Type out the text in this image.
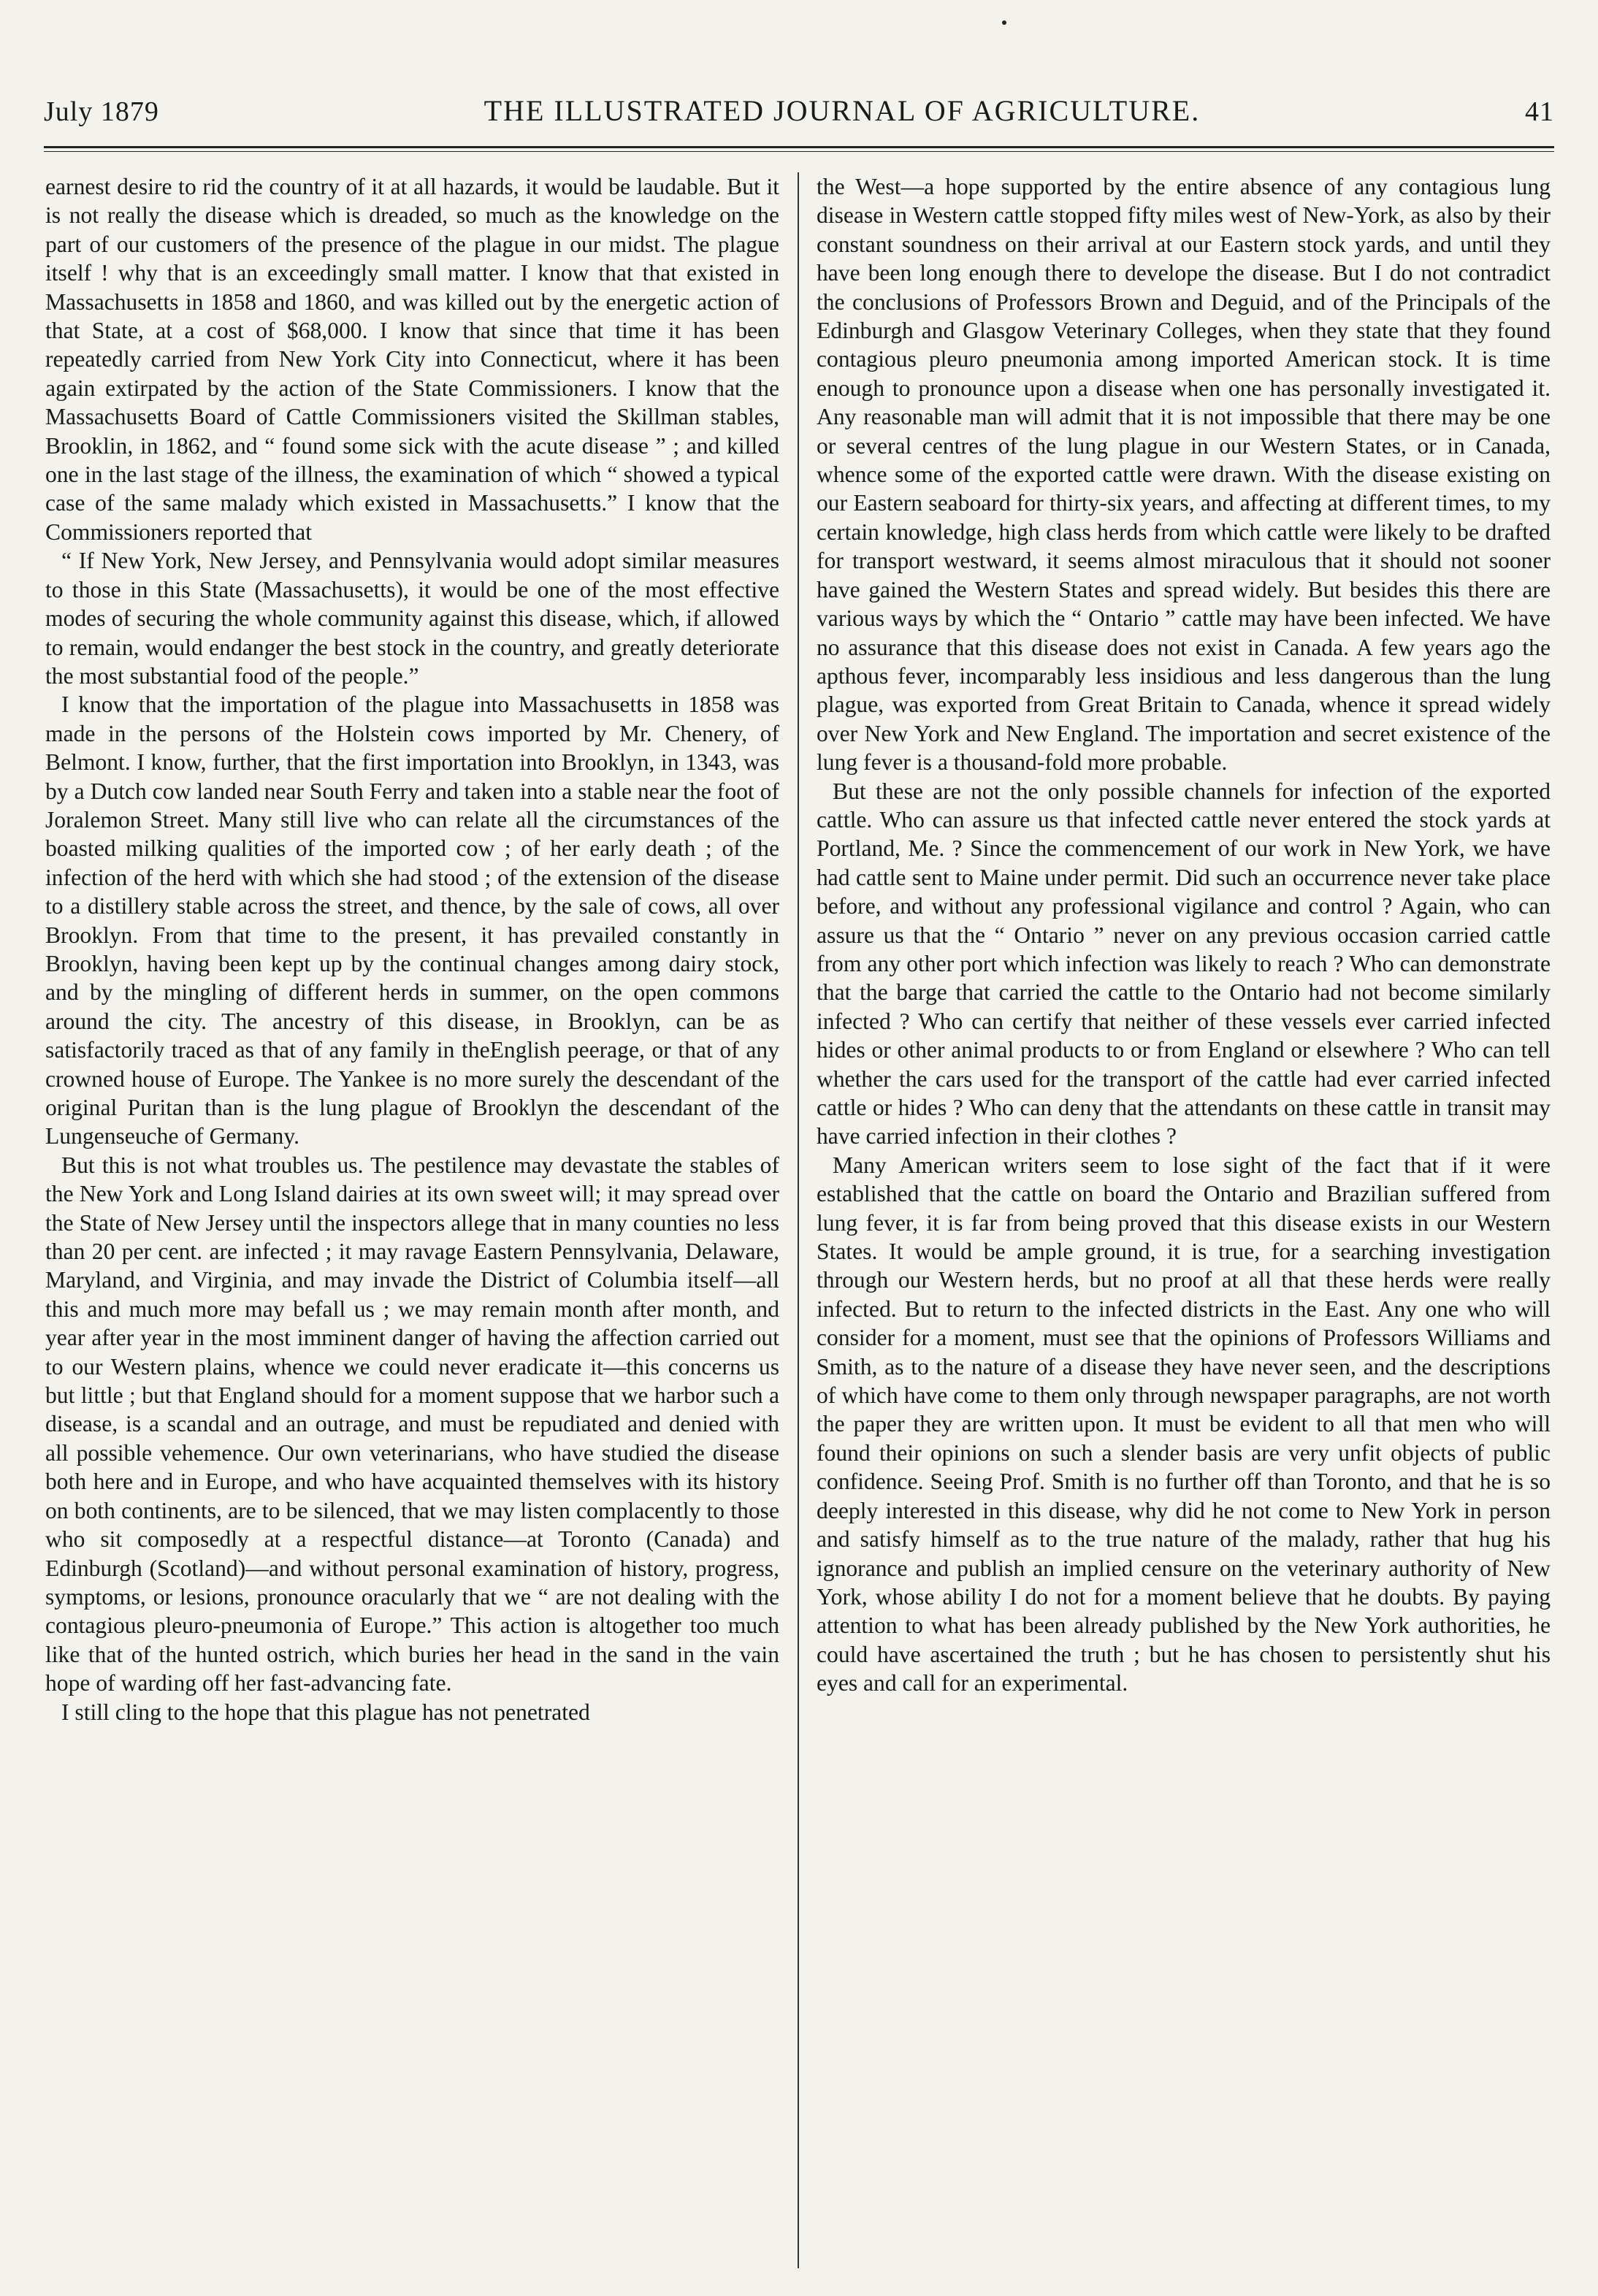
July 1879	THE ILLUSTRATED JOURNAL OF AGRICULTURE.	41

earnest desire to rid the country of it at all hazards, it would be laudable. But it is not really the disease which is dreaded, so much as the knowledge on the part of our customers of the presence of the plague in our midst. The plague itself ! why that is an exceedingly small matter. I know that that existed in Massachusetts in 1858 and 1860, and was killed out by the energetic action of that State, at a cost of $68,000. I know that since that time it has been repeatedly carried from New York City into Connecticut, where it has been again extirpated by the action of the State Commissioners. I know that the Massachusetts Board of Cattle Commissioners visited the Skillman stables, Brooklin, in 1862, and “ found some sick with the acute disease ” ; and killed one in the last stage of the illness, the examination of which “ showed a typical case of the same malady which existed in Massachusetts.” I know that the Commissioners reported that

“ If New York, New Jersey, and Pennsylvania would adopt similar measures to those in this State (Massachusetts), it would be one of the most effective modes of securing the whole community against this disease, which, if allowed to remain, would endanger the best stock in the country, and greatly deteriorate the most substantial food of the people.”

I know that the importation of the plague into Massachusetts in 1858 was made in the persons of the Holstein cows imported by Mr. Chenery, of Belmont. I know, further, that the first importation into Brooklyn, in 1343, was by a Dutch cow landed near South Ferry and taken into a stable near the foot of Joralemon Street. Many still live who can relate all the circumstances of the boasted milking qualities of the imported cow ; of her early death ; of the infection of the herd with which she had stood ; of the extension of the disease to a distillery stable across the street, and thence, by the sale of cows, all over Brooklyn. From that time to the present, it has prevailed constantly in Brooklyn, having been kept up by the continual changes among dairy stock, and by the mingling of different herds in summer, on the open commons around the city. The ancestry of this disease, in Brooklyn, can be as satisfactorily traced as that of any family in theEnglish peerage, or that of any crowned house of Europe. The Yankee is no more surely the descendant of the original Puritan than is the lung plague of Brooklyn the descendant of the Lungenseuche of Germany.

But this is not what troubles us. The pestilence may devastate the stables of the New York and Long Island dairies at its own sweet will; it may spread over the State of New Jersey until the inspectors allege that in many counties no less than 20 per cent. are infected ; it may ravage Eastern Pennsylvania, Delaware, Maryland, and Virginia, and may invade the District of Columbia itself—all this and much more may befall us ; we may remain month after month, and year after year in the most imminent danger of having the affection carried out to our Western plains, whence we could never eradicate it—this concerns us but little ; but that England should for a moment suppose that we harbor such a disease, is a scandal and an outrage, and must be repudiated and denied with all possible vehemence. Our own veterinarians, who have studied the disease both here and in Europe, and who have acquainted themselves with its history on both continents, are to be silenced, that we may listen complacently to those who sit composedly at a respectful distance—at Toronto (Canada) and Edinburgh (Scotland)—and without personal examination of history, progress, symptoms, or lesions, pronounce oracularly that we “ are not dealing with the contagious pleuro-pneumonia of Europe.” This action is altogether too much like that of the hunted ostrich, which buries her head in the sand in the vain hope of warding off her fast-advancing fate.

I still cling to the hope that this plague has not penetrated

the West—a hope supported by the entire absence of any contagious lung disease in Western cattle stopped fifty miles west of New-York, as also by their constant soundness on their arrival at our Eastern stock yards, and until they have been long enough there to develope the disease. But I do not contradict the conclusions of Professors Brown and Deguid, and of the Principals of the Edinburgh and Glasgow Veterinary Colleges, when they state that they found contagious pleuro pneumonia among imported American stock. It is time enough to pronounce upon a disease when one has personally investigated it. Any reasonable man will admit that it is not impossible that there may be one or several centres of the lung plague in our Western States, or in Canada, whence some of the exported cattle were drawn. With the disease existing on our Eastern seaboard for thirty-six years, and affecting at different times, to my certain knowledge, high class herds from which cattle were likely to be drafted for transport westward, it seems almost miraculous that it should not sooner have gained the Western States and spread widely. But besides this there are various ways by which the “ Ontario ” cattle may have been infected. We have no assurance that this disease does not exist in Canada. A few years ago the apthous fever, incomparably less insidious and less dangerous than the lung plague, was exported from Great Britain to Canada, whence it spread widely over New York and New England. The importation and secret existence of the lung fever is a thousand-fold more probable.

But these are not the only possible channels for infection of the exported cattle. Who can assure us that infected cattle never entered the stock yards at Portland, Me. ? Since the commencement of our work in New York, we have had cattle sent to Maine under permit. Did such an occurrence never take place before, and without any professional vigilance and control ? Again, who can assure us that the “ Ontario ” never on any previous occasion carried cattle from any other port which infection was likely to reach ? Who can demonstrate that the barge that carried the cattle to the Ontario had not become similarly infected ? Who can certify that neither of these vessels ever carried infected hides or other animal products to or from England or elsewhere ? Who can tell whether the cars used for the transport of the cattle had ever carried infected cattle or hides ? Who can deny that the attendants on these cattle in transit may have carried infection in their clothes ?

Many American writers seem to lose sight of the fact that if it were established that the cattle on board the Ontario and Brazilian suffered from lung fever, it is far from being proved that this disease exists in our Western States. It would be ample ground, it is true, for a searching investigation through our Western herds, but no proof at all that these herds were really infected. But to return to the infected districts in the East. Any one who will consider for a moment, must see that the opinions of Professors Williams and Smith, as to the nature of a disease they have never seen, and the descriptions of which have come to them only through newspaper paragraphs, are not worth the paper they are written upon. It must be evident to all that men who will found their opinions on such a slender basis are very unfit objects of public confidence. Seeing Prof. Smith is no further off than Toronto, and that he is so deeply interested in this disease, why did he not come to New York in person and satisfy himself as to the true nature of the malady, rather that hug his ignorance and publish an implied censure on the veterinary authority of New York, whose ability I do not for a moment believe that he doubts. By paying attention to what has been already published by the New York authorities, he could have ascertained the truth ; but he has chosen to persistently shut his eyes and call for an experimental.
